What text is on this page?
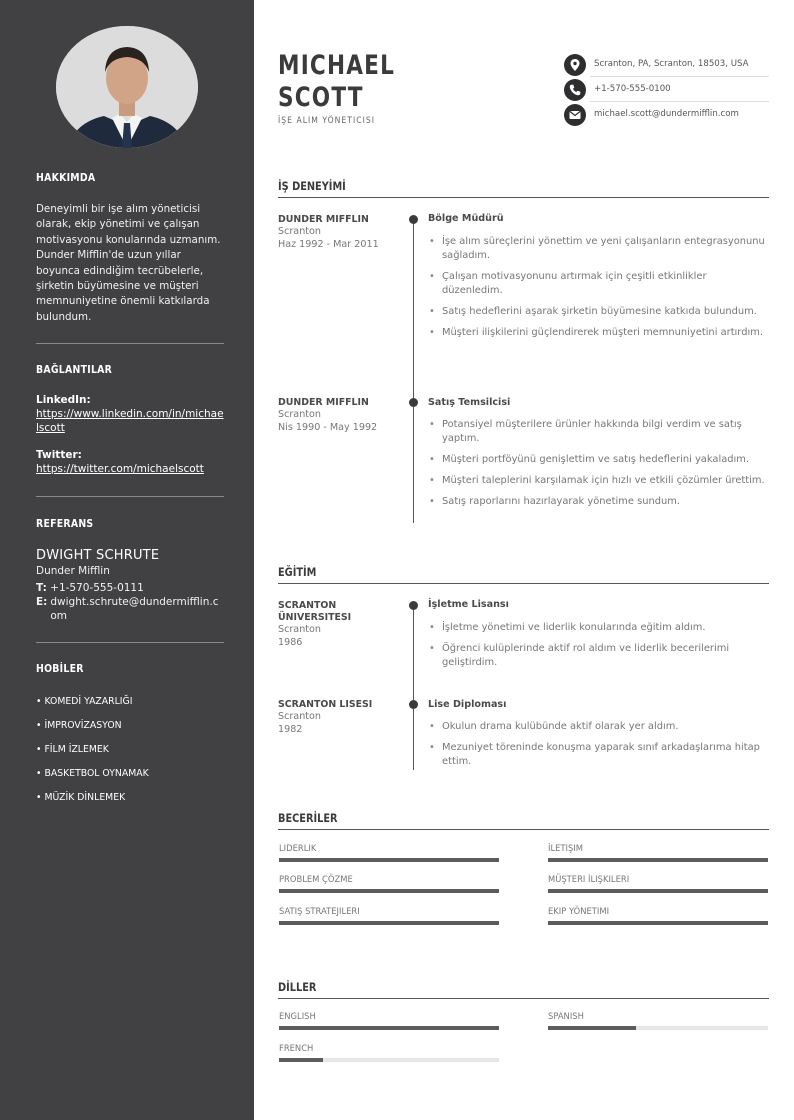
HAKKIMDA
Deneyimli bir işe alım yöneticisi olarak, ekip yönetimi ve çalışan motivasyonu konularında uzmanım. Dunder Mifflin'de uzun yıllar boyunca edindiğim tecrübelerle, şirketin büyümesine ve müşteri memnuniyetine önemli katkılarda bulundum.
BAĞLANTILAR
LinkedIn:
https://www.linkedin.com/in/michaelscott
Twitter:
https://twitter.com/michaelscott
REFERANS
DWIGHT SCHRUTE
Dunder Mifflin
T: +1-570-555-0111
E: dwight.schrute@dundermifflin.com
HOBİLER
• KOMEDİ YAZARLIĞI
• İMPROVİZASYON
• FİLM İZLEMEK
• BASKETBOL OYNAMAK
• MÜZİK DİNLEMEK
MICHAEL
SCOTT
İŞE ALIM YÖNETICISI
Scranton, PA, Scranton, 18503, USA
+1-570-555-0100
michael.scott@dundermifflin.com
İŞ DENEYİMİ
DUNDER MIFFLIN
Scranton
Haz 1992 - Mar 2011
Bölge Müdürü
• İşe alım süreçlerini yönettim ve yeni çalışanların entegrasyonunu sağladım.
• Çalışan motivasyonunu artırmak için çeşitli etkinlikler düzenledim.
• Satış hedeflerini aşarak şirketin büyümesine katkıda bulundum.
• Müşteri ilişkilerini güçlendirerek müşteri memnuniyetini artırdım.
DUNDER MIFFLIN
Scranton
Nis 1990 - May 1992
Satış Temsilcisi
• Potansiyel müşterilere ürünler hakkında bilgi verdim ve satış yaptım.
• Müşteri portföyünü genişlettim ve satış hedeflerini yakaladım.
• Müşteri taleplerini karşılamak için hızlı ve etkili çözümler ürettim.
• Satış raporlarını hazırlayarak yönetime sundum.
EĞİTİM
SCRANTON ÜNIVERSITESI
Scranton
1986
İşletme Lisansı
• İşletme yönetimi ve liderlik konularında eğitim aldım.
• Öğrenci kulüplerinde aktif rol aldım ve liderlik becerilerimi geliştirdim.
SCRANTON LISESI
Scranton
1982
Lise Diploması
• Okulun drama kulübünde aktif olarak yer aldım.
• Mezuniyet töreninde konuşma yaparak sınıf arkadaşlarıma hitap ettim.
BECERİLER
LIDERLIK	İLETIŞIM
PROBLEM ÇÖZME	MÜŞTERI İLIŞKILERI
SATIŞ STRATEJILERI	EKIP YÖNETIMI
DİLLER
ENGLISH	SPANISH
FRENCH
